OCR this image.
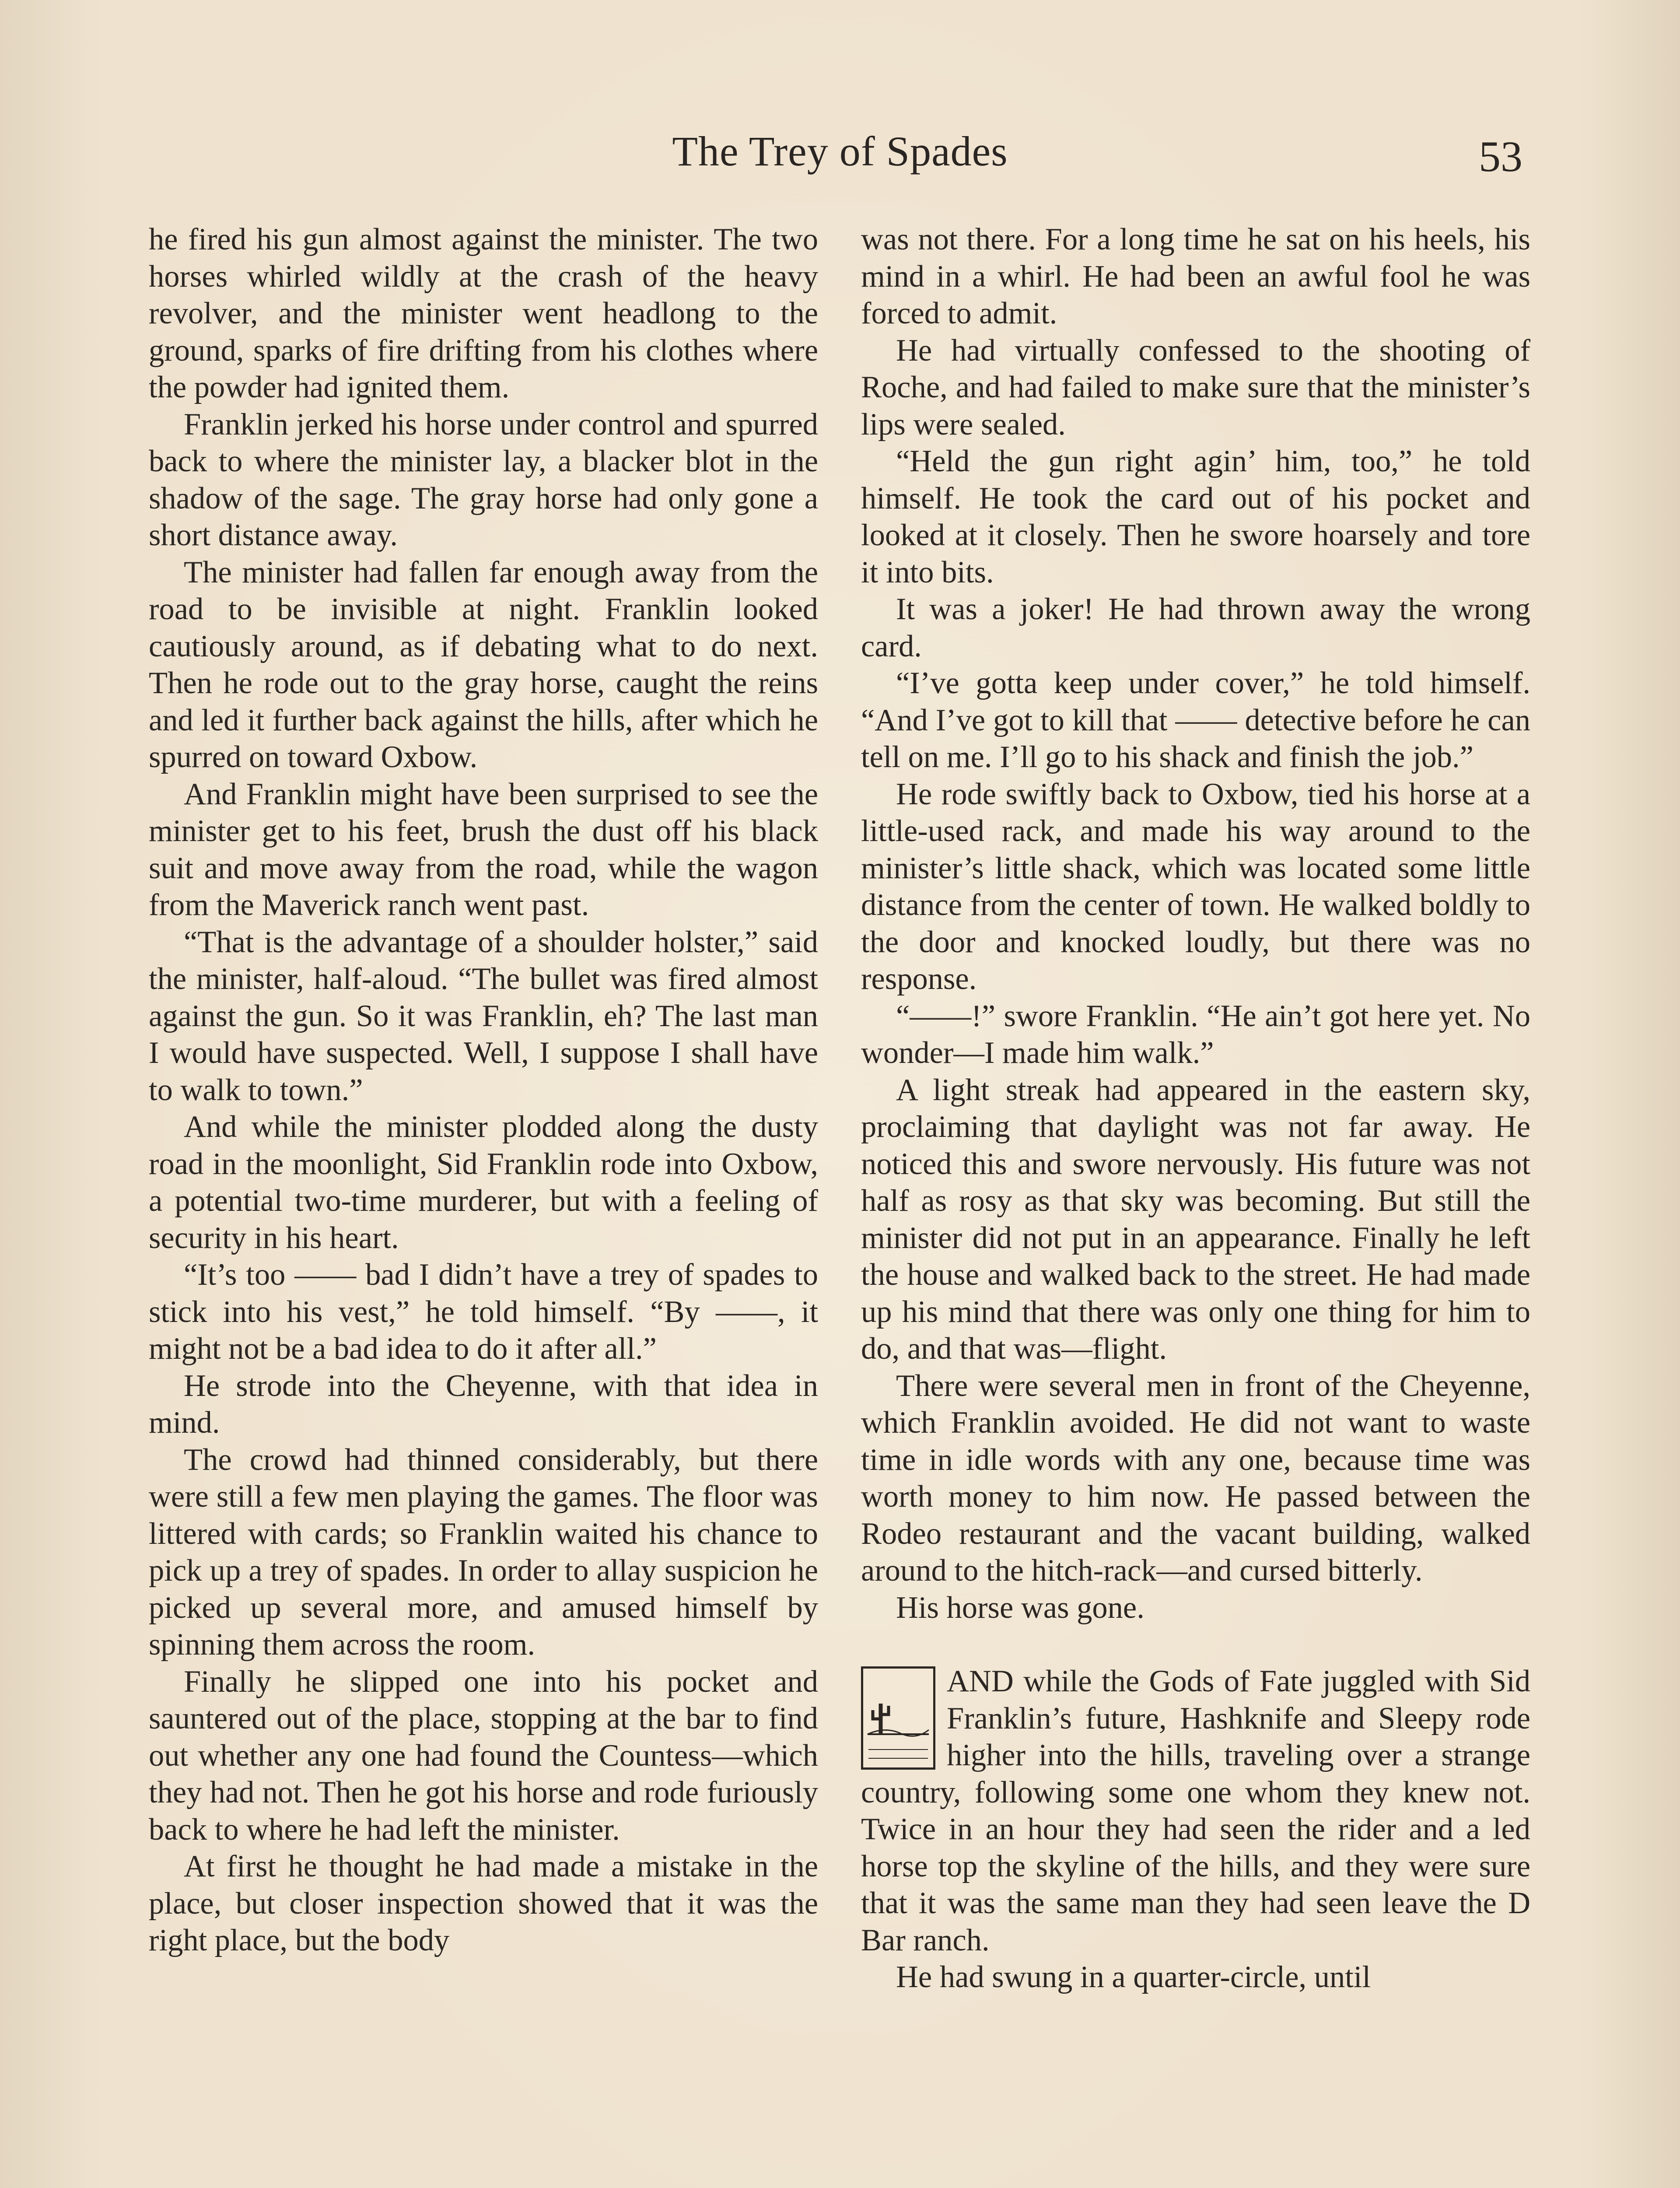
The Trey of Spades	53

he fired his gun almost against the minister. The two horses whirled wildly at the crash of the heavy revolver, and the minister went headlong to the ground, sparks of fire drifting from his clothes where the powder had ignited them.

Franklin jerked his horse under control and spurred back to where the minister lay, a blacker blot in the shadow of the sage. The gray horse had only gone a short distance away.

The minister had fallen far enough away from the road to be invisible at night. Franklin looked cautiously around, as if debating what to do next. Then he rode out to the gray horse, caught the reins and led it further back against the hills, after which he spurred on toward Oxbow.

And Franklin might have been surprised to see the minister get to his feet, brush the dust off his black suit and move away from the road, while the wagon from the Maverick ranch went past.

“That is the advantage of a shoulder holster,” said the minister, half-aloud. “The bullet was fired almost against the gun. So it was Franklin, eh? The last man I would have suspected. Well, I suppose I shall have to walk to town.”

And while the minister plodded along the dusty road in the moonlight, Sid Franklin rode into Oxbow, a potential two-time murderer, but with a feeling of security in his heart.

“It’s too —— bad I didn’t have a trey of spades to stick into his vest,” he told himself. “By ——, it might not be a bad idea to do it after all.”

He strode into the Cheyenne, with that idea in mind.

The crowd had thinned considerably, but there were still a few men playing the games. The floor was littered with cards; so Franklin waited his chance to pick up a trey of spades. In order to allay suspicion he picked up several more, and amused himself by spinning them across the room.

Finally he slipped one into his pocket and sauntered out of the place, stopping at the bar to find out whether any one had found the Countess—which they had not. Then he got his horse and rode furiously back to where he had left the minister.

At first he thought he had made a mistake in the place, but closer inspection showed that it was the right place, but the body

was not there. For a long time he sat on his heels, his mind in a whirl. He had been an awful fool he was forced to admit.

He had virtually confessed to the shooting of Roche, and had failed to make sure that the minister’s lips were sealed.

“Held the gun right agin’ him, too,” he told himself. He took the card out of his pocket and looked at it closely. Then he swore hoarsely and tore it into bits.

It was a joker! He had thrown away the wrong card.

“I’ve gotta keep under cover,” he told himself. “And I’ve got to kill that —— detective before he can tell on me. I’ll go to his shack and finish the job.”

He rode swiftly back to Oxbow, tied his horse at a little-used rack, and made his way around to the minister’s little shack, which was located some little distance from the center of town. He walked boldly to the door and knocked loudly, but there was no response.

“——!” swore Franklin. “He ain’t got here yet. No wonder—I made him walk.”

A light streak had appeared in the eastern sky, proclaiming that daylight was not far away. He noticed this and swore nervously. His future was not half as rosy as that sky was becoming. But still the minister did not put in an appearance. Finally he left the house and walked back to the street. He had made up his mind that there was only one thing for him to do, and that was—flight.

There were several men in front of the Cheyenne, which Franklin avoided. He did not want to waste time in idle words with any one, because time was worth money to him now. He passed between the Rodeo restaurant and the vacant building, walked around to the hitch-rack—and cursed bitterly.

His horse was gone.

AND while the Gods of Fate juggled with Sid Franklin’s future, Hashknife and Sleepy rode higher into the hills, traveling over a strange country, following some one whom they knew not. Twice in an hour they had seen the rider and a led horse top the skyline of the hills, and they were sure that it was the same man they had seen leave the D Bar ranch.

He had swung in a quarter-circle, until
